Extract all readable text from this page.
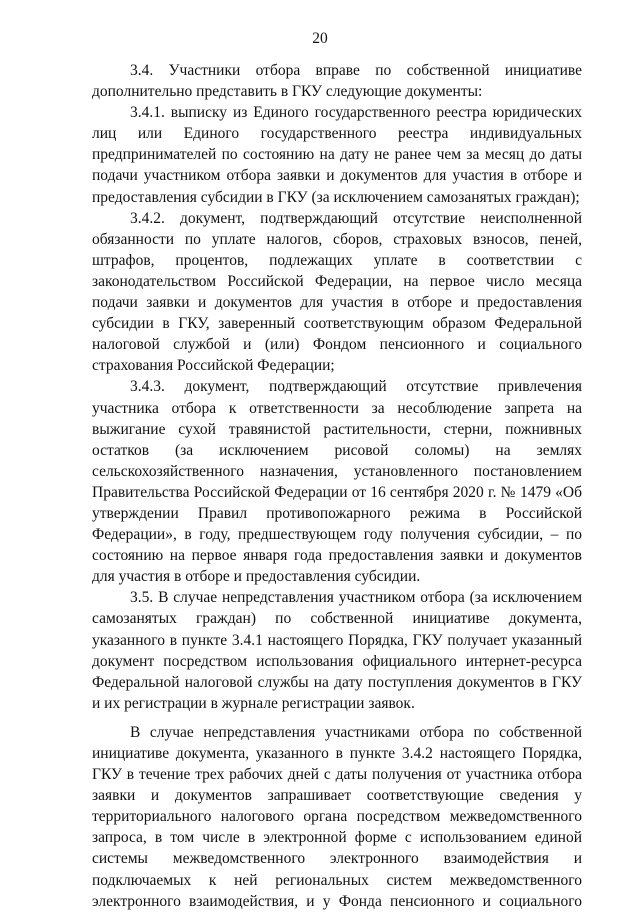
20

3.4. Участники отбора вправе по собственной инициативе дополнительно представить в ГКУ следующие документы:

3.4.1. выписку из Единого государственного реестра юридических лиц или Единого государственного реестра индивидуальных предпринимателей по состоянию на дату не ранее чем за месяц до даты подачи участником отбора заявки и документов для участия в отборе и предоставления субсидии в ГКУ (за исключением самозанятых граждан);

3.4.2. документ, подтверждающий отсутствие неисполненной обязанности по уплате налогов, сборов, страховых взносов, пеней, штрафов, процентов, подлежащих уплате в соответствии с законодательством Российской Федерации, на первое число месяца подачи заявки и документов для участия в отборе и предоставления субсидии в ГКУ, заверенный соответствующим образом Федеральной налоговой службой и (или) Фондом пенсионного и социального страхования Российской Федерации;

3.4.3. документ, подтверждающий отсутствие привлечения участника отбора к ответственности за несоблюдение запрета на выжигание сухой травянистой растительности, стерни, пожнивных остатков (за исключением рисовой соломы) на землях сельскохозяйственного назначения, установленного постановлением Правительства Российской Федерации от 16 сентября 2020 г. № 1479 «Об утверждении Правил противопожарного режима в Российской Федерации», в году, предшествующем году получения субсидии, – по состоянию на первое января года предоставления заявки и документов для участия в отборе и предоставления субсидии.

3.5. В случае непредставления участником отбора (за исключением самозанятых граждан) по собственной инициативе документа, указанного в пункте 3.4.1 настоящего Порядка, ГКУ получает указанный документ посредством использования официального интернет-ресурса Федеральной налоговой службы на дату поступления документов в ГКУ и их регистрации в журнале регистрации заявок.

В случае непредставления участниками отбора по собственной инициативе документа, указанного в пункте 3.4.2 настоящего Порядка, ГКУ в течение трех рабочих дней с даты получения от участника отбора заявки и документов запрашивает соответствующие сведения у территориального налогового органа посредством межведомственного запроса, в том числе в электронной форме с использованием единой системы межведомственного электронного взаимодействия и подключаемых к ней региональных систем межведомственного электронного взаимодействия, и у Фонда пенсионного и социального
